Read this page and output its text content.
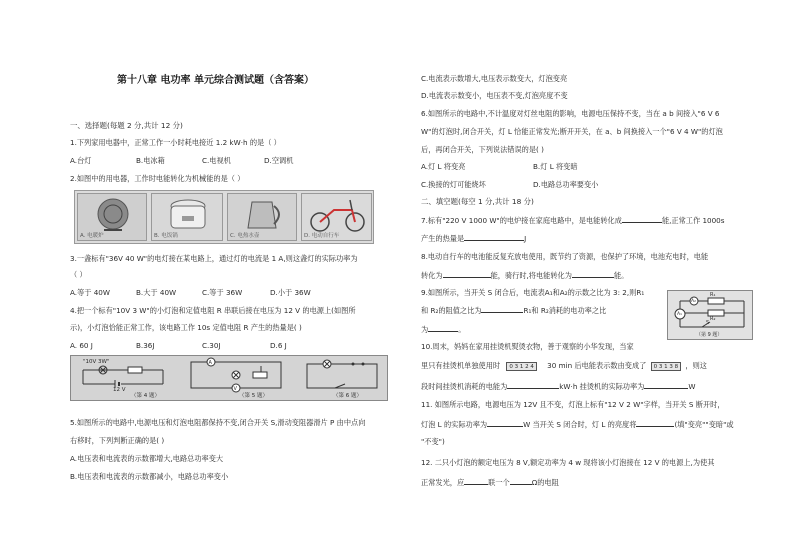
第十八章 电功率 单元综合测试题（含答案）
一、选择题(每题 2 分,共计 12 分)
1.下列家用电器中，正常工作一小时耗电接近 1.2 kW·h 的是（ ）
A.台灯	B.电冰箱	C.电视机	D.空调机
2.如图中的用电器，工作时电能转化为机械能的是（ ）
A. 电暖炉	B. 电饭锅	C. 电热水壶	D. 电动自行车
3.一盏标有"36V 40 W"的电灯接在某电路上，通过灯的电流是 1 A,则这盏灯的实际功率为
（ ）
A.等于 40W	B.大于 40W	C.等于 36W	D.小于 36W
4.把一个标有"10V 3 W"的小灯泡和定值电阻 R 串联后接在电压为 12 V 的电源上(如图所
示)，小灯泡恰能正常工作，该电路工作 10s 定值电阻 R 产生的热量是( )
A. 60 J	B.36J	C.30J	D.6 J
"10V 3W"
12 V
（第 4 题）
A
V
（第 5 题）	（第 6 题）
5.如图所示的电路中,电源电压和灯泡电阻都保持不变,闭合开关 S,滑动变阻器滑片 P 由中点向
右移时，下列判断正确的是( )
A.电压表和电流表的示数都增大,电路总功率变大
B.电压表和电流表的示数都减小，电路总功率变小
C.电流表示数增大,电压表示数变大，灯泡变亮
D.电流表示数变小，电压表不变,灯泡亮度不变
6.如图所示的电路中,不计温度对灯丝电阻的影响，电源电压保持不变，当在 a b 间接入"6 V 6
W"的灯泡时,闭合开关，灯 L 恰能正常发光;断开开关，在 a、b 间换接入一个"6 V 4 W"的灯泡
后，再闭合开关，下列说法错误的是( )
A.灯 L 将变亮	B.灯 L 将变暗
C.换接的灯可能烧坏	D.电路总功率要变小
二、填空题(每空 1 分,共计 18 分)
7.标有"220 V 1000 W"的电炉接在家庭电路中，是电能转化成	能,正常工作 1000s
产生的热量是	J
8.电动自行车的电池能反复充放电使用，既节约了资源，也保护了环境，电池充电时，电能
转化为	能，骑行时,将电能转化为	能。
9.如图所示，当开关 S 闭合后，电流表A₁和A₂的示数之比为 3: 2,则R₁
和 R₂的阻值之比为	R₁和 R₂消耗的电功率之比
为	。
R₁
R₂
A₁
A₂
S
（第 9 题）
10.周末，妈妈在家用挂烫机熨烫衣物，善于观察的小华发现，当家
里只有挂烫机单独使用时 0 3 1 2 4 30 min 后电能表示数由变成了 0 3 1 3 8 ，则这
段时间挂烫机消耗的电能为	kW·h 挂烫机的实际功率为	W
11. 如图所示电路，电源电压为 12V 且不变，灯泡上标有"12 V 2 W"字样，当开关 S 断开时，
灯泡 L 的实际功率为	W 当开关 S 闭合时，灯 L 的亮度将	(填"变亮""变暗"或
"不变")
12. 二只小灯泡的额定电压为 8 V,额定功率为 4 w 现将该小灯泡接在 12 V 的电源上,为使其
正常发光，应	联一个	Ω的电阻
